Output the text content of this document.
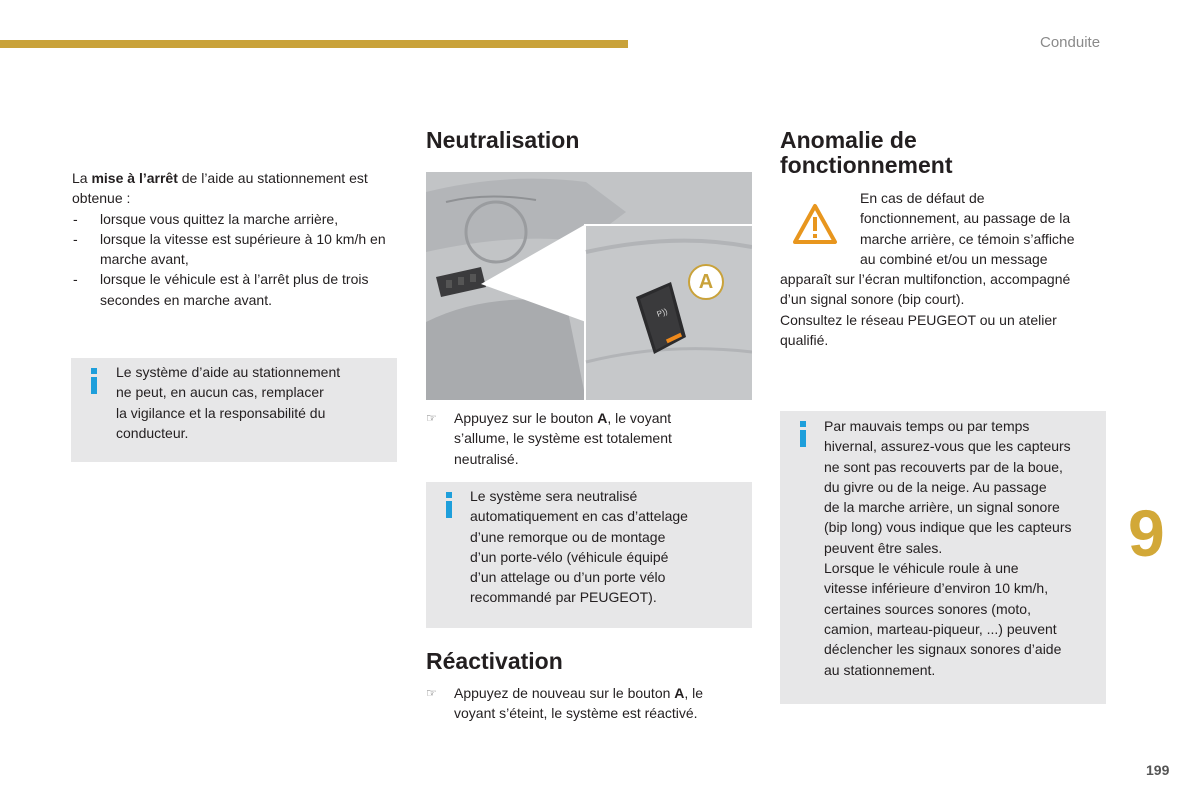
Conduite

La mise à l’arrêt de l’aide au stationnement est obtenue :

- lorsque vous quittez la marche arrière,
- lorsque la vitesse est supérieure à 10 km/h en marche avant,
- lorsque le véhicule est à l’arrêt plus de trois secondes en marche avant.
Le système d’aide au stationnement
ne peut, en aucun cas, remplacer
la vigilance et la responsabilité du
conducteur.
Neutralisation
P))
A
☞ Appuyez sur le bouton A, le voyant s’allume, le système est totalement neutralisé.
Le système sera neutralisé
automatiquement en cas d’attelage
d’une remorque ou de montage
d’un porte-vélo (véhicule équipé
d’un attelage ou d’un porte vélo
recommandé par PEUGEOT).
Réactivation
☞ Appuyez de nouveau sur le bouton A, le voyant s’éteint, le système est réactivé.
Anomalie de
fonctionnement
En cas de défaut de
fonctionnement, au passage de la
marche arrière, ce témoin s’affiche
au combiné et/ou un message
apparaît sur l’écran multifonction, accompagné
d’un signal sonore (bip court).
Consultez le réseau PEUGEOT ou un atelier
qualifié.
Par mauvais temps ou par temps
hivernal, assurez-vous que les capteurs
ne sont pas recouverts par de la boue,
du givre ou de la neige. Au passage
de la marche arrière, un signal sonore
(bip long) vous indique que les capteurs
peuvent être sales.
Lorsque le véhicule roule à une
vitesse inférieure d’environ 10 km/h,
certaines sources sonores (moto,
camion, marteau-piqueur, ...) peuvent
déclencher les signaux sonores d’aide
au stationnement.
9
199
